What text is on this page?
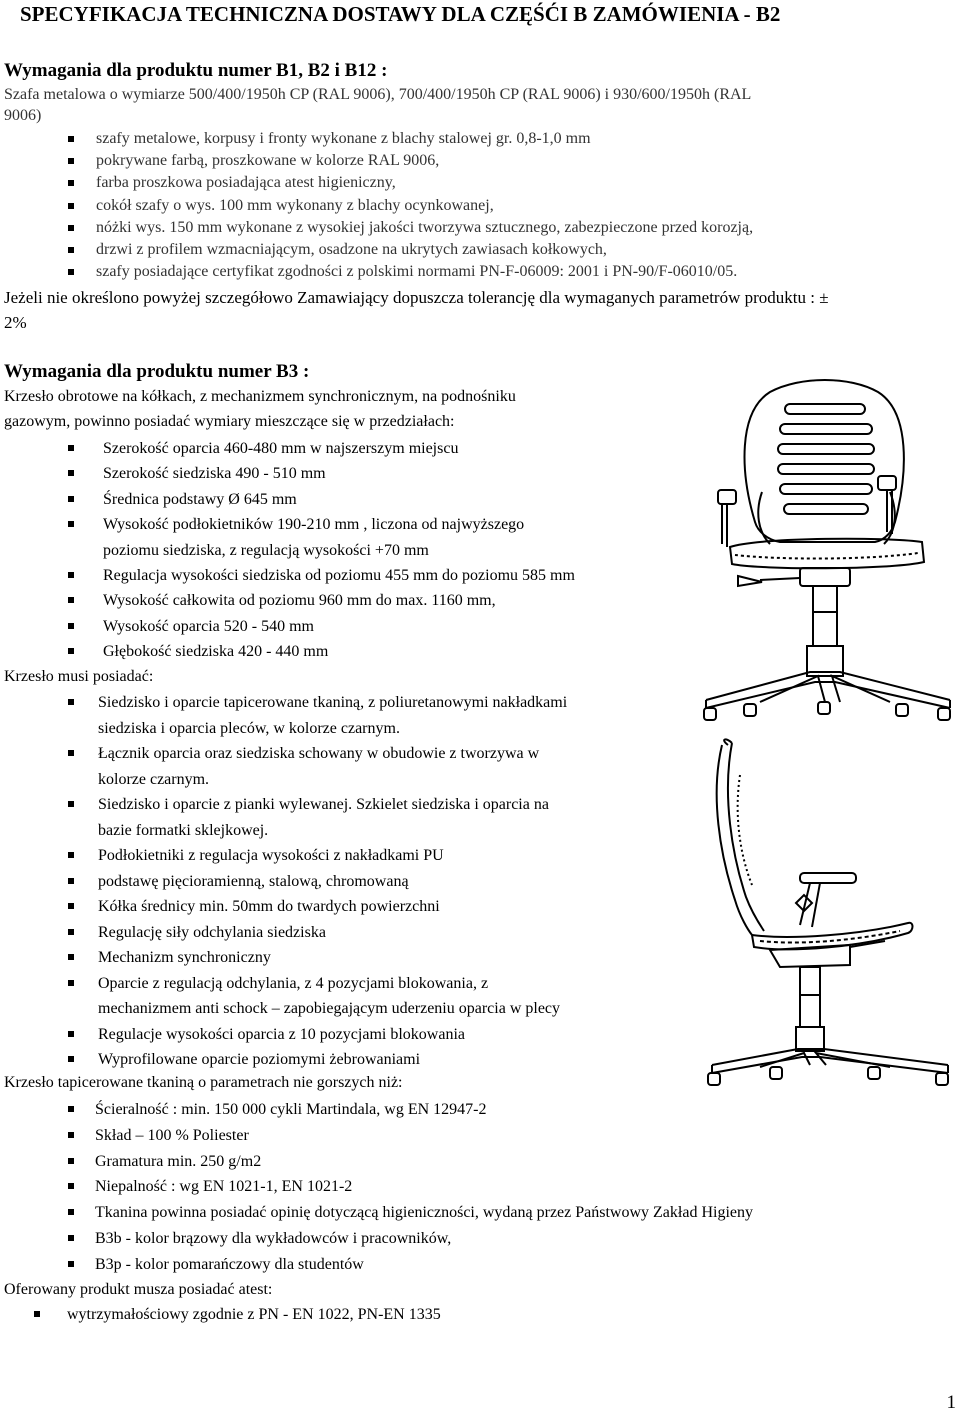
SPECYFIKACJA TECHNICZNA DOSTAWY DLA CZĘŚĆI B ZAMÓWIENIA - B2
Wymagania dla produktu numer B1, B2 i B12 :
Szafa metalowa o wymiarze 500/400/1950h CP (RAL 9006), 700/400/1950h CP (RAL 9006) i 930/600/1950h (RAL
9006)
szafy metalowe, korpusy i fronty wykonane z blachy stalowej gr. 0,8-1,0 mm
pokrywane farbą, proszkowane w kolorze RAL 9006,
farba proszkowa posiadająca atest higieniczny,
cokół szafy o wys. 100 mm wykonany z blachy ocynkowanej,
nóżki wys. 150 mm wykonane z wysokiej jakości tworzywa sztucznego, zabezpieczone przed korozją,
drzwi z profilem wzmacniającym, osadzone na ukrytych zawiasach kołkowych,
szafy posiadające certyfikat zgodności z polskimi normami PN-F-06009: 2001 i PN-90/F-06010/05.
Jeżeli nie określono powyżej szczegółowo Zamawiający dopuszcza tolerancję dla wymaganych parametrów produktu : ±
2%
Wymagania dla produktu numer B3 :
Krzesło obrotowe na kółkach, z mechanizmem synchronicznym, na podnośniku
gazowym, powinno posiadać wymiary mieszczące się w przedziałach:
Szerokość oparcia 460-480 mm w najszerszym miejscu
Szerokość siedziska 490 - 510 mm
Średnica podstawy Ø 645 mm
Wysokość podłokietników 190-210 mm , liczona od najwyższego
poziomu siedziska, z regulacją wysokości +70 mm
Regulacja wysokości siedziska od poziomu 455 mm do poziomu 585 mm
Wysokość całkowita od poziomu 960 mm do max. 1160 mm,
Wysokość oparcia 520 - 540 mm
Głębokość siedziska 420 - 440 mm
Krzesło musi posiadać:
Siedzisko i oparcie tapicerowane tkaniną, z poliuretanowymi nakładkami
siedziska i oparcia pleców, w kolorze czarnym.
Łącznik oparcia oraz siedziska schowany w obudowie z tworzywa w
kolorze czarnym.
Siedzisko i oparcie z pianki wylewanej. Szkielet siedziska i oparcia na
bazie formatki sklejkowej.
Podłokietniki z regulacja wysokości z nakładkami PU
podstawę pięcioramienną, stalową, chromowaną
Kółka średnicy min. 50mm do twardych powierzchni
Regulację siły odchylania siedziska
Mechanizm synchroniczny
Oparcie z regulacją odchylania, z 4 pozycjami blokowania, z
mechanizmem anti schock – zapobiegającym uderzeniu oparcia w plecy
Regulacje wysokości oparcia z 10 pozycjami blokowania
Wyprofilowane oparcie poziomymi żebrowaniami
Krzesło tapicerowane tkaniną o parametrach nie gorszych niż:
Ścieralność : min. 150 000 cykli Martindala, wg EN 12947-2
Skład – 100 % Poliester
Gramatura min. 250 g/m2
Niepalność : wg EN 1021-1, EN 1021-2
Tkanina powinna posiadać opinię dotyczącą higieniczności, wydaną przez Państwowy Zakład Higieny
B3b - kolor brązowy dla wykładowców i pracowników,
B3p - kolor pomarańczowy dla studentów
Oferowany produkt musza posiadać atest:
wytrzymałościowy zgodnie z PN - EN 1022, PN-EN 1335
1
